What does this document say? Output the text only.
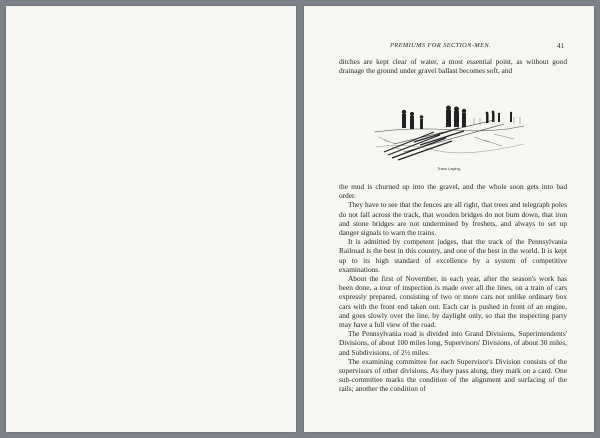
PREMIUMS FOR SECTION-MEN.	41

ditches are kept clear of water, a most essential point, as without good drainage the ground under gravel ballast becomes soft, and

Track Laying.

the mud is churned up into the gravel, and the whole soon gets into bad order.

They have to see that the fences are all right, that trees and telegraph poles do not fall across the track, that wooden bridges do not burn down, that iron and stone bridges are not undermined by freshets, and always to set up danger signals to warn the trains.

It is admitted by competent judges, that the track of the Pennsylvania Railroad is the best in this country, and one of the best in the world. It is kept up to its high standard of excellence by a system of competitive examinations.

About the first of November, in each year, after the season's work has been done, a tour of inspection is made over all the lines, on a train of cars expressly prepared, consisting of two or more cars not unlike ordinary box cars with the front end taken out. Each car is pushed in front of an engine, and goes slowly over the line, by daylight only, so that the inspecting party may have a full view of the road.

The Pennsylvania road is divided into Grand Divisions, Superintendents' Divisions, of about 100 miles long, Supervisors' Divisions, of about 30 miles, and Subdivisions, of 2½ miles.

The examining committee for each Supervisor's Division consists of the supervisors of other divisions. As they pass along, they mark on a card. One sub-committee marks the condition of the alignment and surfacing of the rails; another the condition of
